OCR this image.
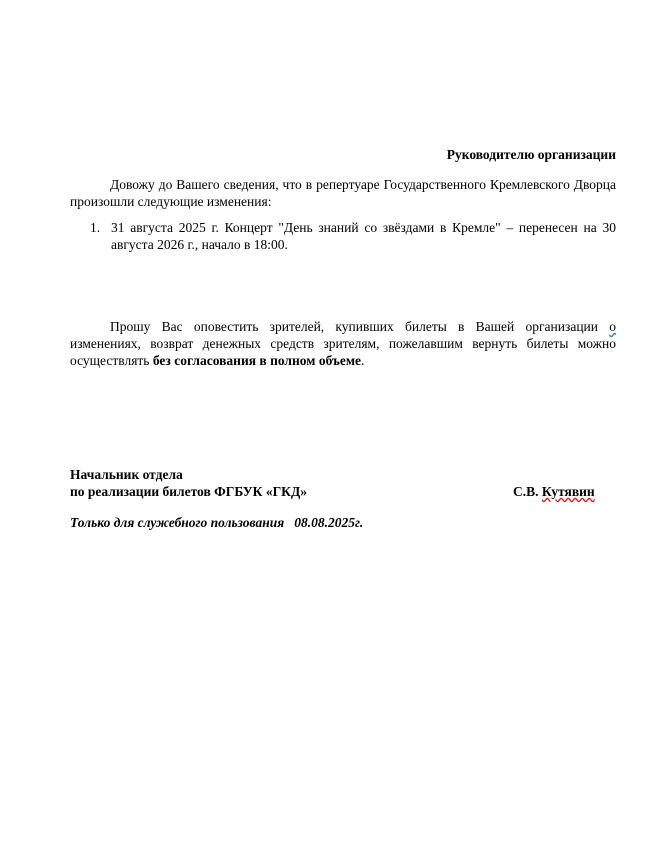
Руководителю организации
Довожу до Вашего сведения, что в репертуаре Государственного Кремлевского Дворца произошли следующие изменения:
1. 31 августа 2025 г. Концерт "День знаний со звёздами в Кремле" – перенесен на 30 августа 2026 г., начало в 18:00.
Прошу Вас оповестить зрителей, купивших билеты в Вашей организации о изменениях, возврат денежных средств зрителям, пожелавшим вернуть билеты можно осуществлять без согласования в полном объеме.
Начальник отдела
по реализации билетов ФГБУК «ГКД»	С.В. Кутявин
Только для служебного пользования 08.08.2025г.
